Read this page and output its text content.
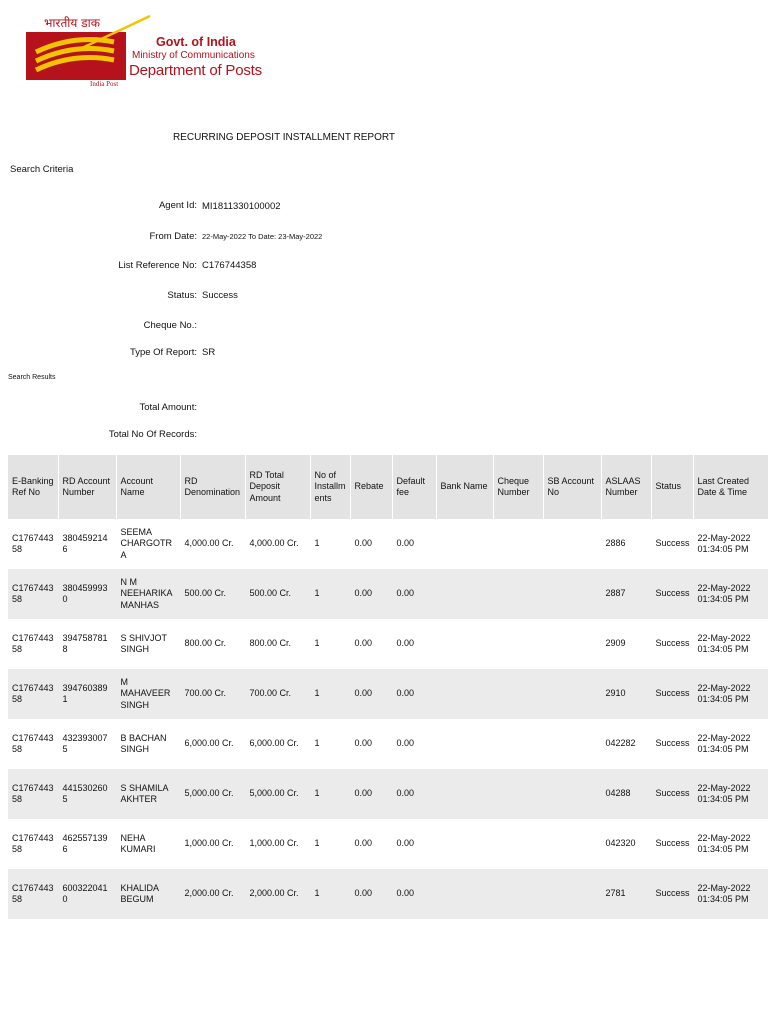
भारतीय डाक
India Post
Govt. of India
Ministry of Communications
Department of Posts
RECURRING DEPOSIT INSTALLMENT REPORT
Search Criteria
Agent Id: MI1811330100002
From Date: 22-May-2022 To Date: 23-May-2022
List Reference No: C176744358
Status: Success
Cheque No.:
Type Of Report: SR
Search Results
Total Amount:
Total No Of Records:
E-Banking Ref No	RD Account Number	Account Name	RD Denomination	RD Total Deposit Amount	No of Installm ents	Rebate	Default fee	Bank Name	Cheque Number	SB Account No	ASLAAS Number	Status	Last Created Date & Time
C176744358	3804592146	SEEMA CHARGOTRA	4,000.00 Cr.	4,000.00 Cr.	1	0.00	0.00				2886	Success	22-May-2022 01:34:05 PM
C176744358	3804599930	N M NEEHARIKA MANHAS	500.00 Cr.	500.00 Cr.	1	0.00	0.00				2887	Success	22-May-2022 01:34:05 PM
C176744358	3947587818	S SHIVJOT SINGH	800.00 Cr.	800.00 Cr.	1	0.00	0.00				2909	Success	22-May-2022 01:34:05 PM
C176744358	3947603891	M MAHAVEER SINGH	700.00 Cr.	700.00 Cr.	1	0.00	0.00				2910	Success	22-May-2022 01:34:05 PM
C176744358	4323930075	B BACHAN SINGH	6,000.00 Cr.	6,000.00 Cr.	1	0.00	0.00				042282	Success	22-May-2022 01:34:05 PM
C176744358	4415302605	S SHAMILA AKHTER	5,000.00 Cr.	5,000.00 Cr.	1	0.00	0.00				04288	Success	22-May-2022 01:34:05 PM
C176744358	4625571396	NEHA KUMARI	1,000.00 Cr.	1,000.00 Cr.	1	0.00	0.00				042320	Success	22-May-2022 01:34:05 PM
C176744358	6003220410	KHALIDA BEGUM	2,000.00 Cr.	2,000.00 Cr.	1	0.00	0.00				2781	Success	22-May-2022 01:34:05 PM
